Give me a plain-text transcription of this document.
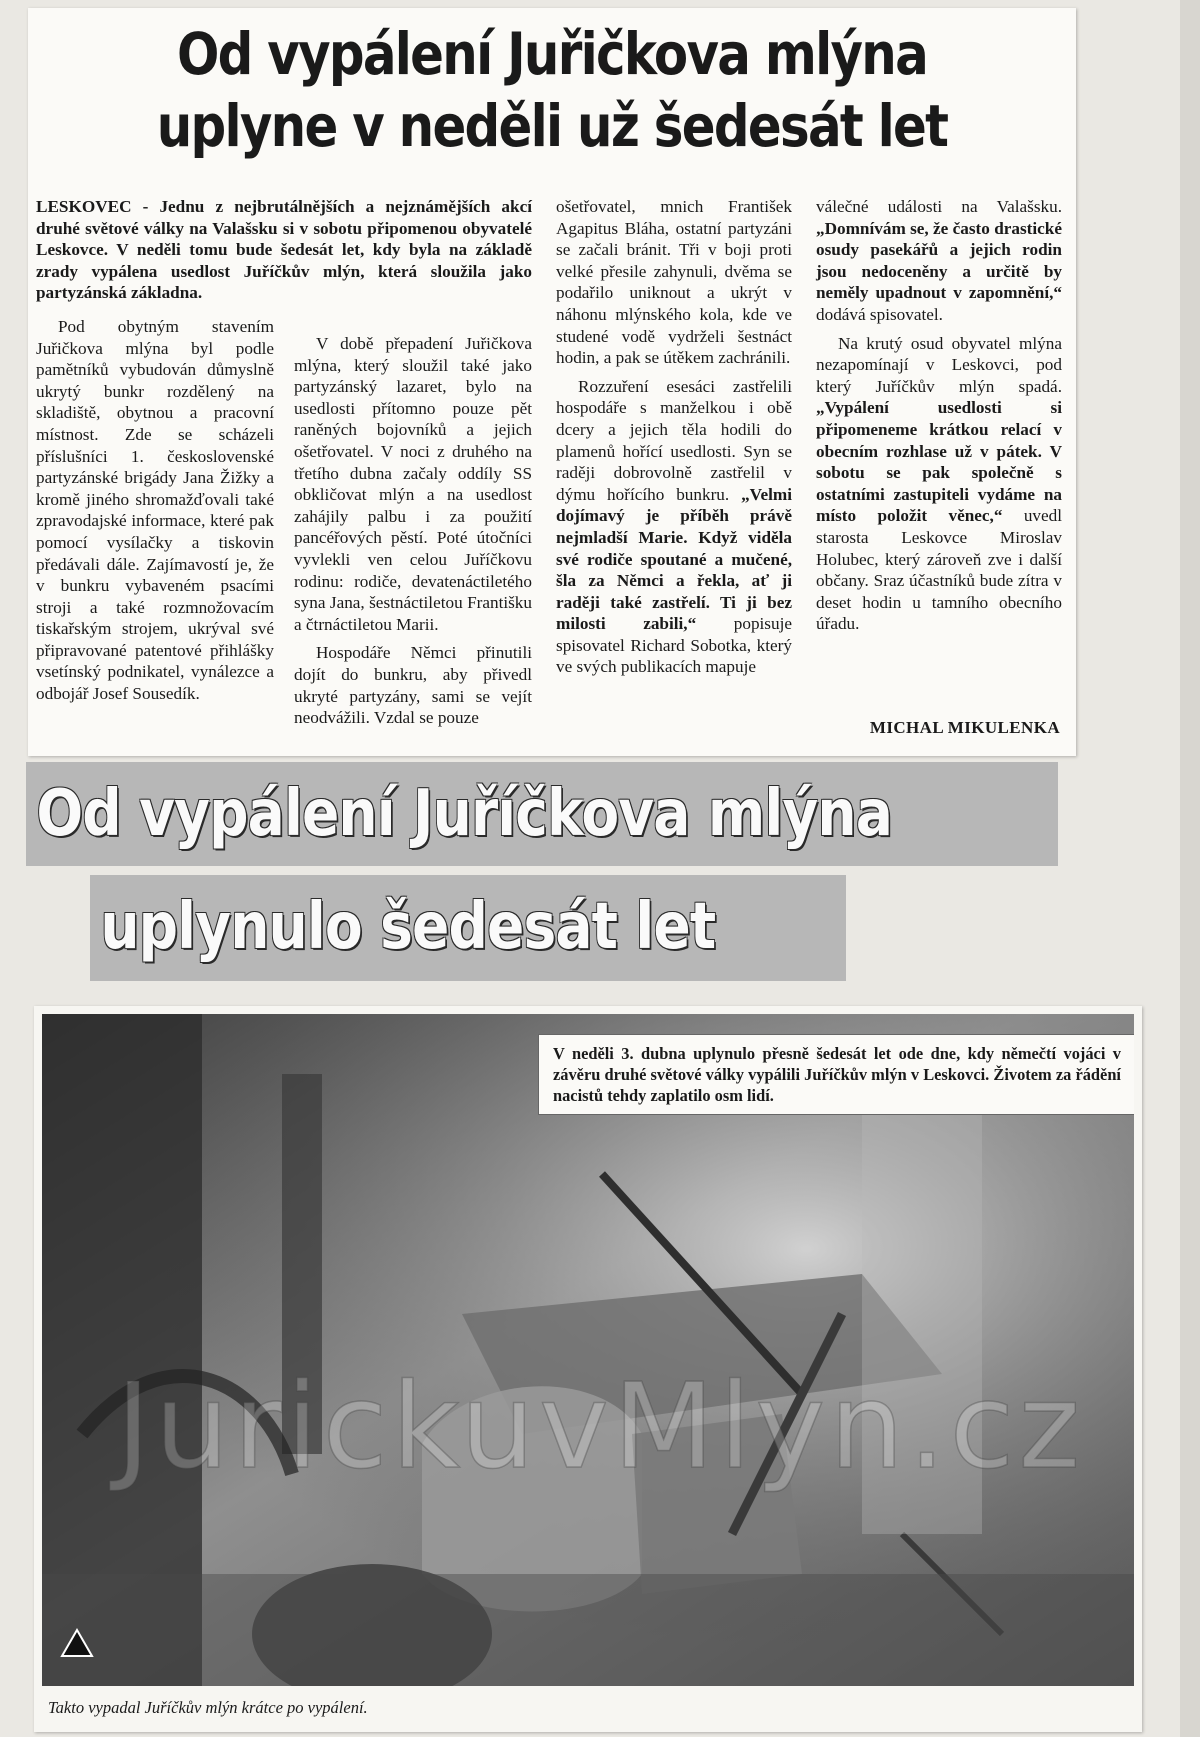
Od vypálení Juřičkova mlýna uplyne v neděli už šedesát let

LESKOVEC - Jednu z nejbrutálnějších a nejznámějších akcí druhé světové války na Valašsku si v sobotu připomenou obyvatelé Leskovce. V neděli tomu bude šedesát let, kdy byla na základě zrady vypálena usedlost Juříčkův mlýn, která sloužila jako partyzánská základna.

Pod obytným stavením Juřičkova mlýna byl podle pamětníků vybudován důmyslně ukrytý bunkr rozdělený na skladiště, obytnou a pracovní místnost. Zde se scházeli příslušníci 1. československé partyzánské brigády Jana Žižky a kromě jiného shromažďovali také zpravodajské informace, které pak pomocí vysílačky a tiskovin předávali dále. Zajímavostí je, že v bunkru vybaveném psacími stroji a také rozmnožovacím tiskařským strojem, ukrýval své připravované patentové přihlášky vsetínský podnikatel, vynálezce a odbojář Josef Sousedík.

V době přepadení Juřičkova mlýna, který sloužil také jako partyzánský lazaret, bylo na usedlosti přítomno pouze pět raněných bojovníků a jejich ošetřovatel. V noci z druhého na třetího dubna začaly oddíly SS obkličovat mlýn a na usedlost zahájily palbu i za použití pancéřových pěstí. Poté útočníci vyvlekli ven celou Juříčkovu rodinu: rodiče, devatenáctiletého syna Jana, šestnáctiletou Františku a čtrnáctiletou Marii.

Hospodáře Němci přinutili dojít do bunkru, aby přivedl ukryté partyzány, sami se vejít neodvážili. Vzdal se pouze

ošetřovatel, mnich František Agapitus Bláha, ostatní partyzáni se začali bránit. Tři v boji proti velké přesile zahynuli, dvěma se podařilo uniknout a ukrýt v náhonu mlýnského kola, kde ve studené vodě vydrželi šestnáct hodin, a pak se útěkem zachránili.

Rozzuření esesáci zastřelili hospodáře s manželkou i obě dcery a jejich těla hodili do plamenů hořící usedlosti. Syn se raději dobrovolně zastřelil v dýmu hořícího bunkru. „Velmi dojímavý je příběh právě nejmladší Marie. Když viděla své rodiče spoutané a mučené, šla za Němci a řekla, ať ji raději také zastřelí. Ti ji bez milosti zabili,“ popisuje spisovatel Richard Sobotka, který ve svých publikacích mapuje

válečné události na Valašsku. „Domnívám se, že často drastické osudy pasekářů a jejich rodin jsou nedoceněny a určitě by neměly upadnout v zapomnění,“ dodává spisovatel.

Na krutý osud obyvatel mlýna nezapomínají v Leskovci, pod který Juříčkův mlýn spadá. „Vypálení usedlosti si připomeneme krátkou relací v obecním rozhlase už v pátek. V sobotu se pak společně s ostatními zastupiteli vydáme na místo položit věnec,“ uvedl starosta Leskovce Miroslav Holubec, který zároveň zve i další občany. Sraz účastníků bude zítra v deset hodin u tamního obecního úřadu.

MICHAL MIKULENKA
Od vypálení Juříčkova mlýna
uplynulo šedesát let
V neděli 3. dubna uplynulo přesně šedesát let ode dne, kdy němečtí vojáci v závěru druhé světové války vypálili Juříčkův mlýn v Leskovci. Životem za řádění nacistů tehdy zaplatilo osm lidí.
Takto vypadal Juříčkův mlýn krátce po vypálení.
JurickuvMlyn.cz
